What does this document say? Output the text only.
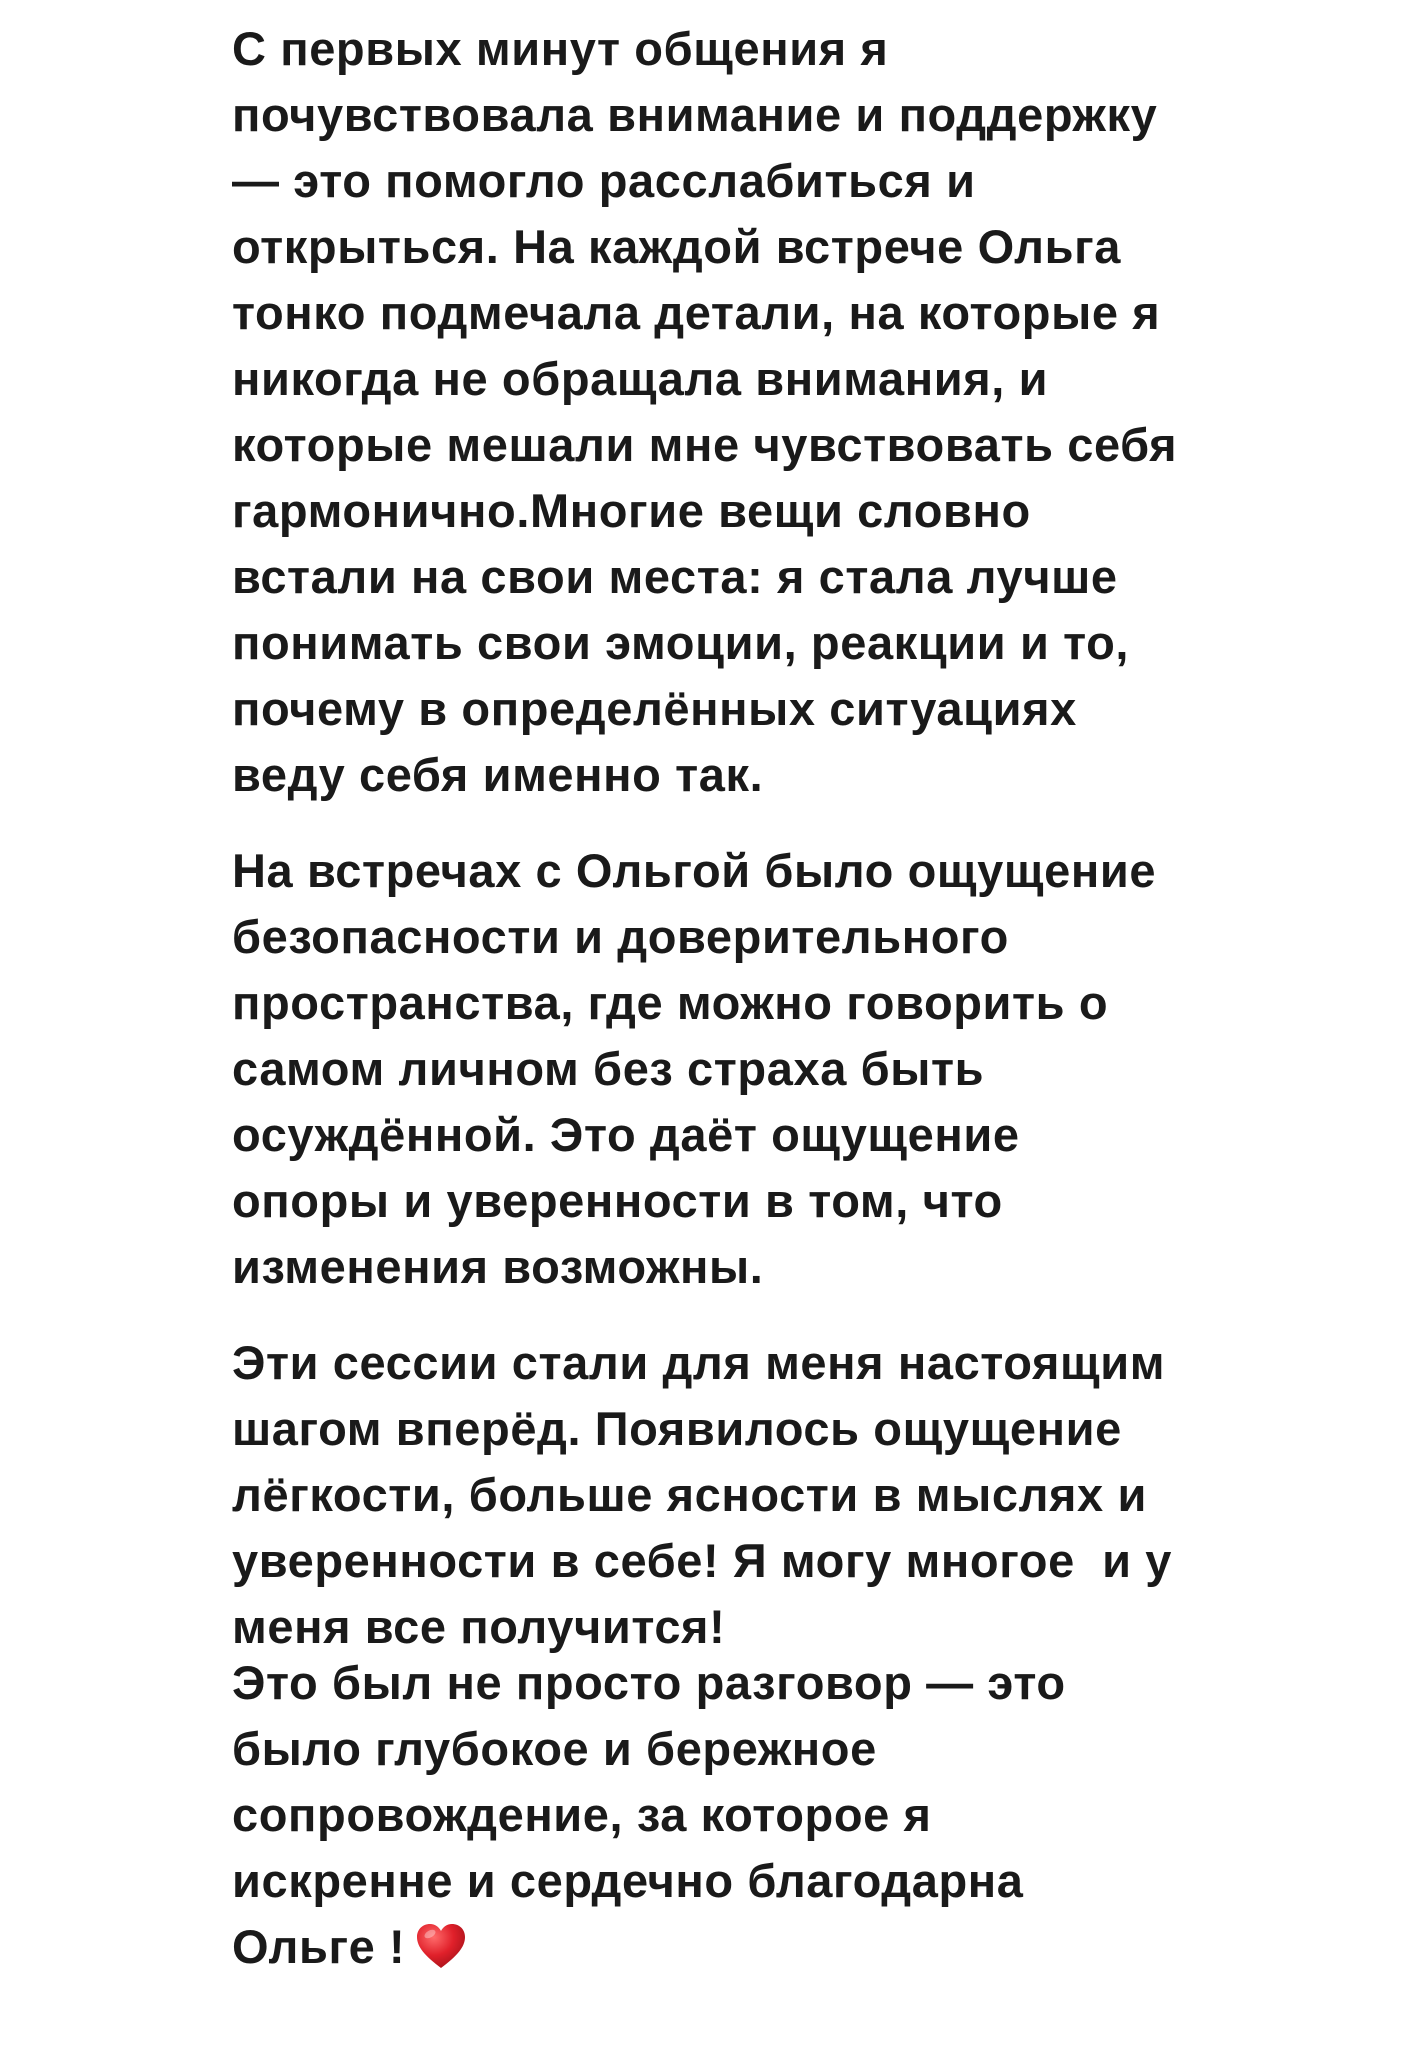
С первых минут общения я
почувствовала внимание и поддержку
— это помогло расслабиться и
открыться. На каждой встрече Ольга
тонко подмечала детали, на которые я
никогда не обращала внимания, и
которые мешали мне чувствовать себя
гармонично.Многие вещи словно
встали на свои места: я стала лучше
понимать свои эмоции, реакции и то,
почему в определённых ситуациях
веду себя именно так.
На встречах с Ольгой было ощущение
безопасности и доверительного
пространства, где можно говорить о
самом личном без страха быть
осуждённой. Это даёт ощущение
опоры и уверенности в том, что
изменения возможны.
Эти сессии стали для меня настоящим
шагом вперёд. Появилось ощущение
лёгкости, больше ясности в мыслях и
уверенности в себе! Я могу многое  и у
меня все получится!
Это был не просто разговор — это
было глубокое и бережное
сопровождение, за которое я
искренне и сердечно благодарна
Ольге !
